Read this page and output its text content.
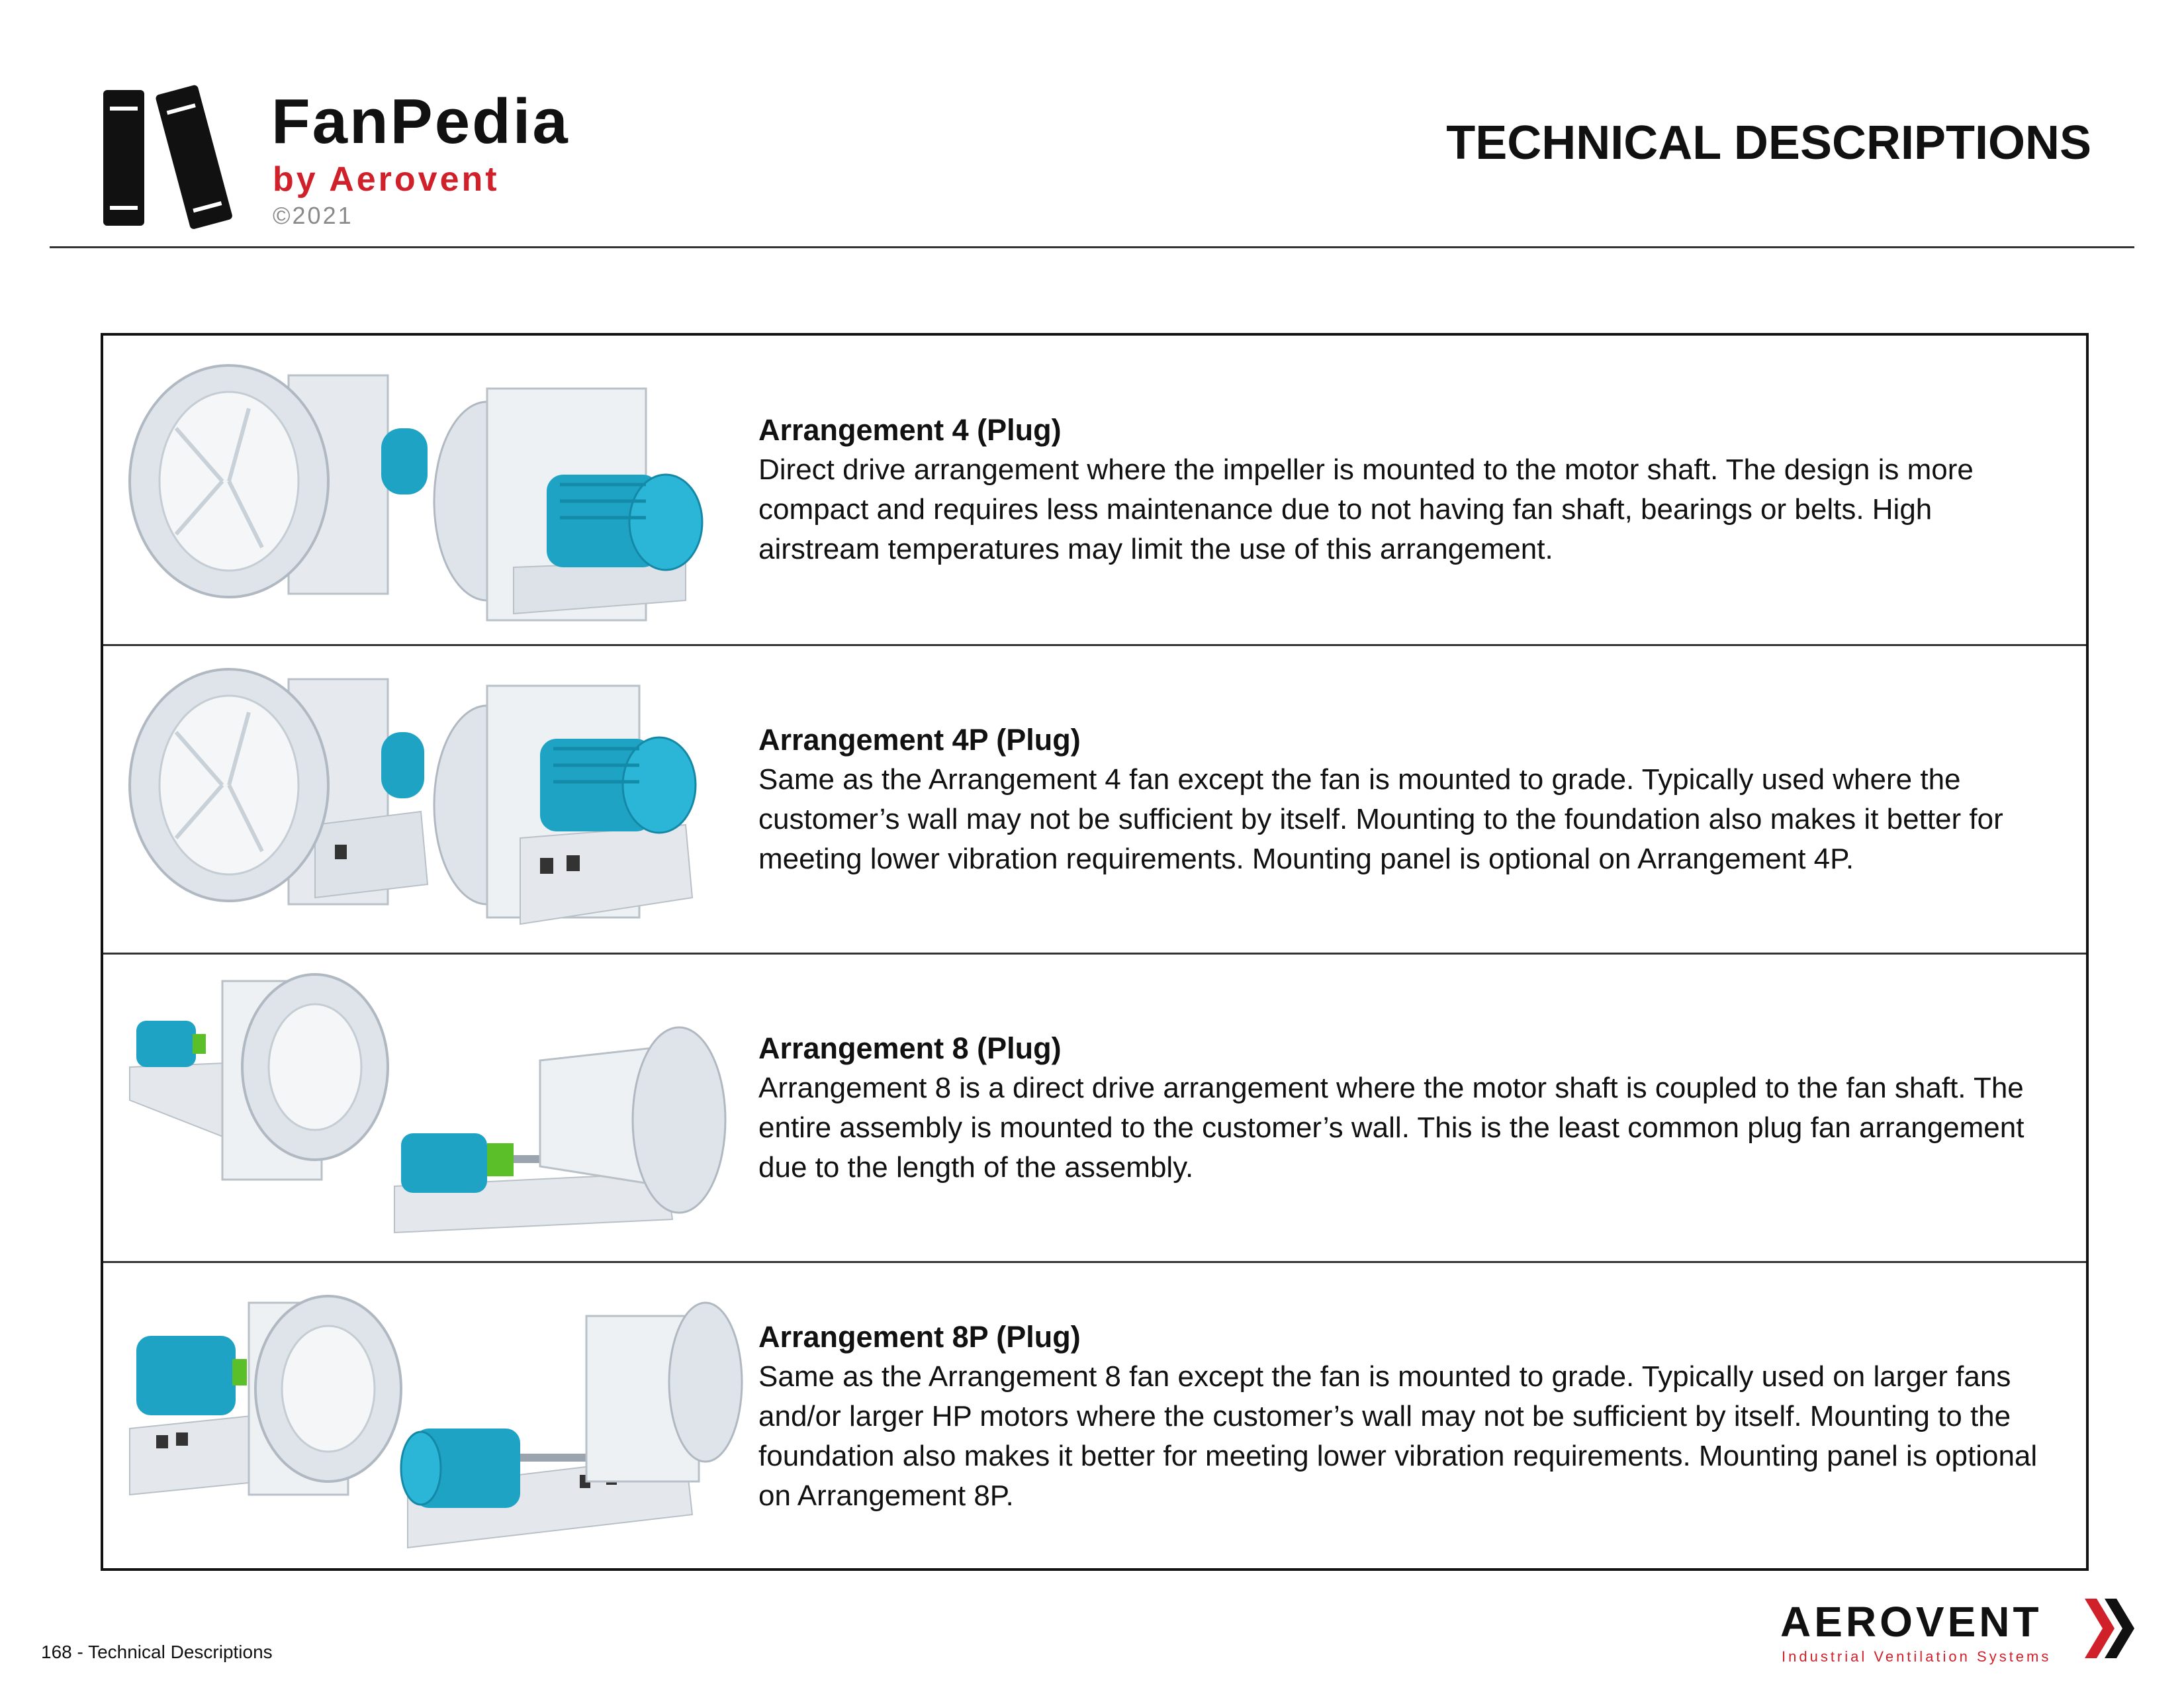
FanPedia
by Aerovent
©2021
TECHNICAL DESCRIPTIONS
Arrangement 4 (Plug)
Direct drive arrangement where the impeller is mounted to the motor shaft. The design is more compact and requires less maintenance due to not having fan shaft, bearings or belts. High airstream temperatures may limit the use of this arrangement.
Arrangement 4P (Plug)
Same as the Arrangement 4 fan except the fan is mounted to grade. Typically used where the customer’s wall may not be sufficient by itself. Mounting to the foundation also makes it better for meeting lower vibration requirements. Mounting panel is optional on Arrangement 4P.
Arrangement 8 (Plug)
Arrangement 8 is a direct drive arrangement where the motor shaft is coupled to the fan shaft. The entire assembly is mounted to the customer’s wall. This is the least common plug fan arrangement due to the length of the assembly.
Arrangement 8P (Plug)
Same as the Arrangement 8 fan except the fan is mounted to grade. Typically used on larger fans and/or larger HP motors where the customer’s wall may not be sufficient by itself. Mounting to the foundation also makes it better for meeting lower vibration requirements. Mounting panel is optional on Arrangement 8P.
168 - Technical Descriptions
AEROVENT
Industrial Ventilation Systems
